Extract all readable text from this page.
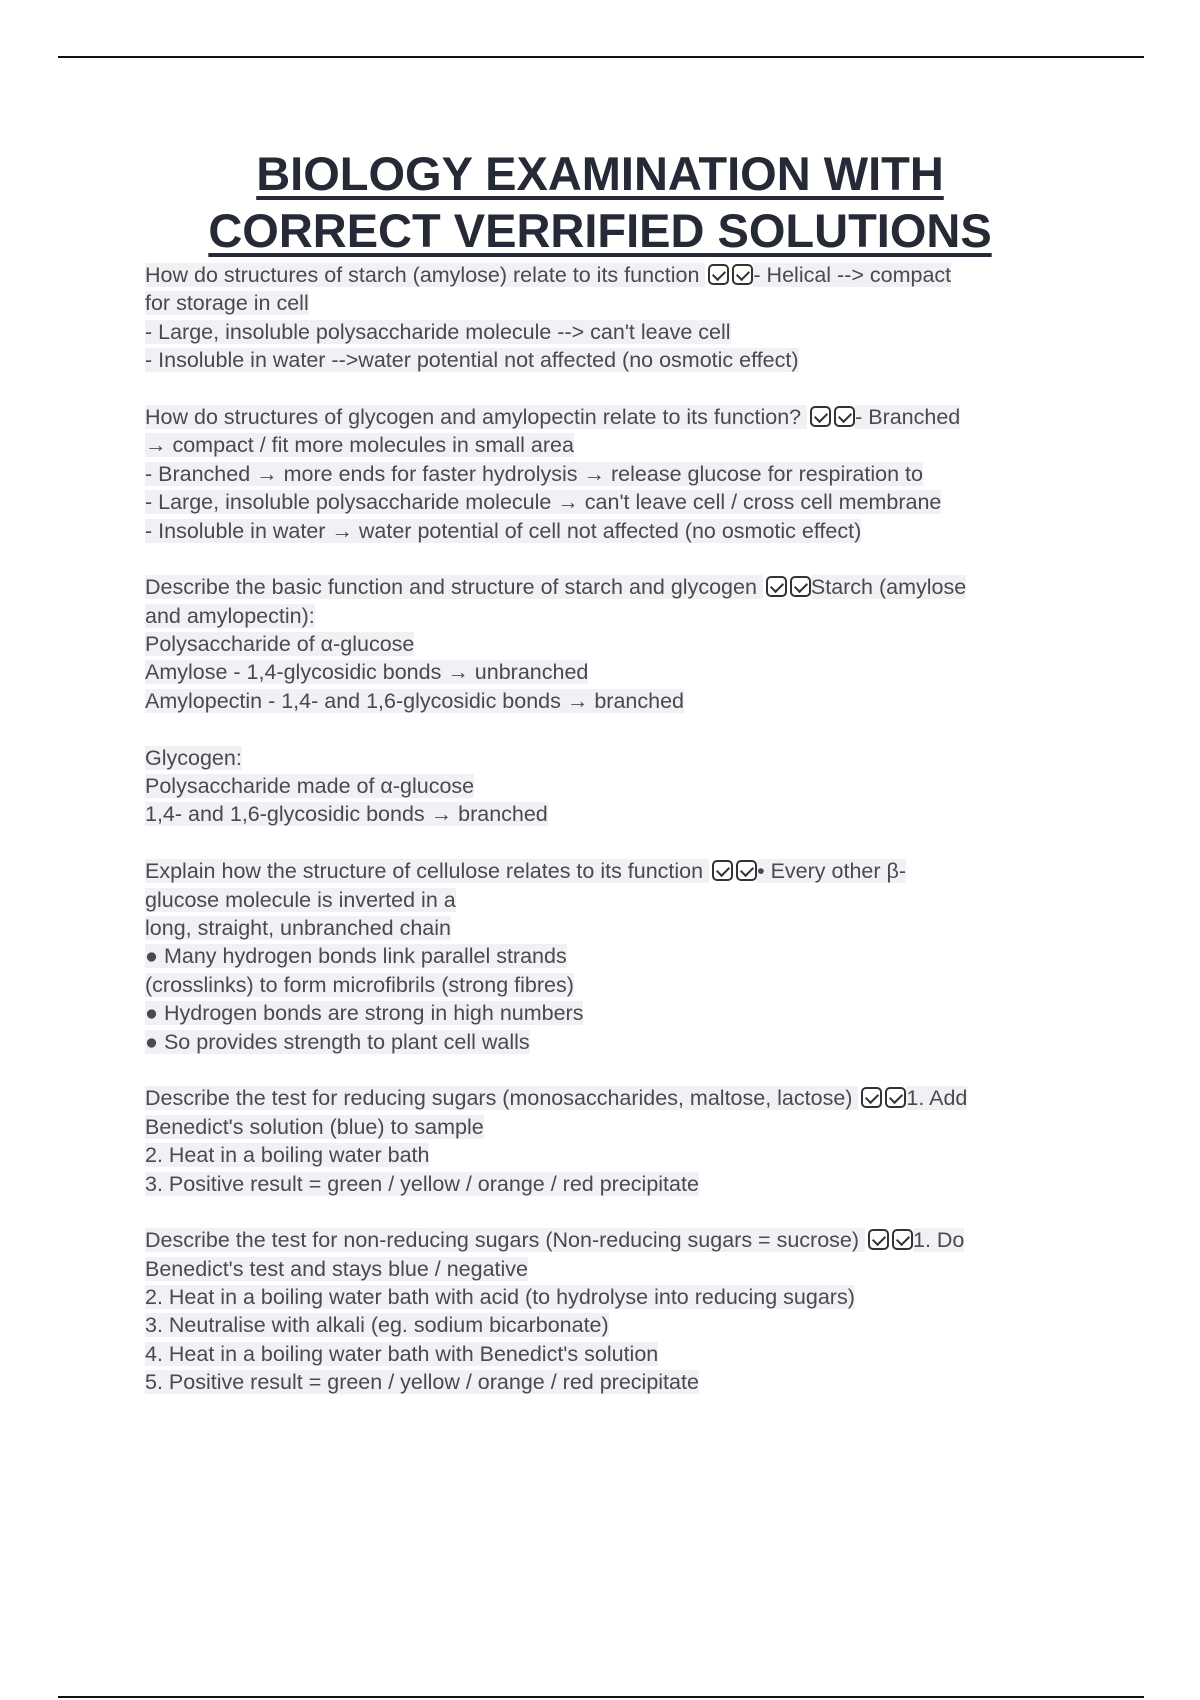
BIOLOGY EXAMINATION WITH
CORRECT VERRIFIED SOLUTIONS
How do structures of starch (amylose) relate to its function - Helical --> compact
for storage in cell
- Large, insoluble polysaccharide molecule --> can't leave cell
- Insoluble in water -->water potential not affected (no osmotic effect)
How do structures of glycogen and amylopectin relate to its function? - Branched
→ compact / fit more molecules in small area
- Branched → more ends for faster hydrolysis → release glucose for respiration to
- Large, insoluble polysaccharide molecule → can't leave cell / cross cell membrane
- Insoluble in water → water potential of cell not affected (no osmotic effect)
Describe the basic function and structure of starch and glycogen Starch (amylose
and amylopectin):
Polysaccharide of α-glucose
Amylose - 1,4-glycosidic bonds → unbranched
Amylopectin - 1,4- and 1,6-glycosidic bonds → branched
Glycogen:
Polysaccharide made of α-glucose
1,4- and 1,6-glycosidic bonds → branched
Explain how the structure of cellulose relates to its function • Every other β-
glucose molecule is inverted in a
long, straight, unbranched chain
● Many hydrogen bonds link parallel strands
(crosslinks) to form microfibrils (strong fibres)
● Hydrogen bonds are strong in high numbers
● So provides strength to plant cell walls
Describe the test for reducing sugars (monosaccharides, maltose, lactose) 1. Add
Benedict's solution (blue) to sample
2. Heat in a boiling water bath
3. Positive result = green / yellow / orange / red precipitate
Describe the test for non-reducing sugars (Non-reducing sugars = sucrose) 1. Do
Benedict's test and stays blue / negative
2. Heat in a boiling water bath with acid (to hydrolyse into reducing sugars)
3. Neutralise with alkali (eg. sodium bicarbonate)
4. Heat in a boiling water bath with Benedict's solution
5. Positive result = green / yellow / orange / red precipitate
